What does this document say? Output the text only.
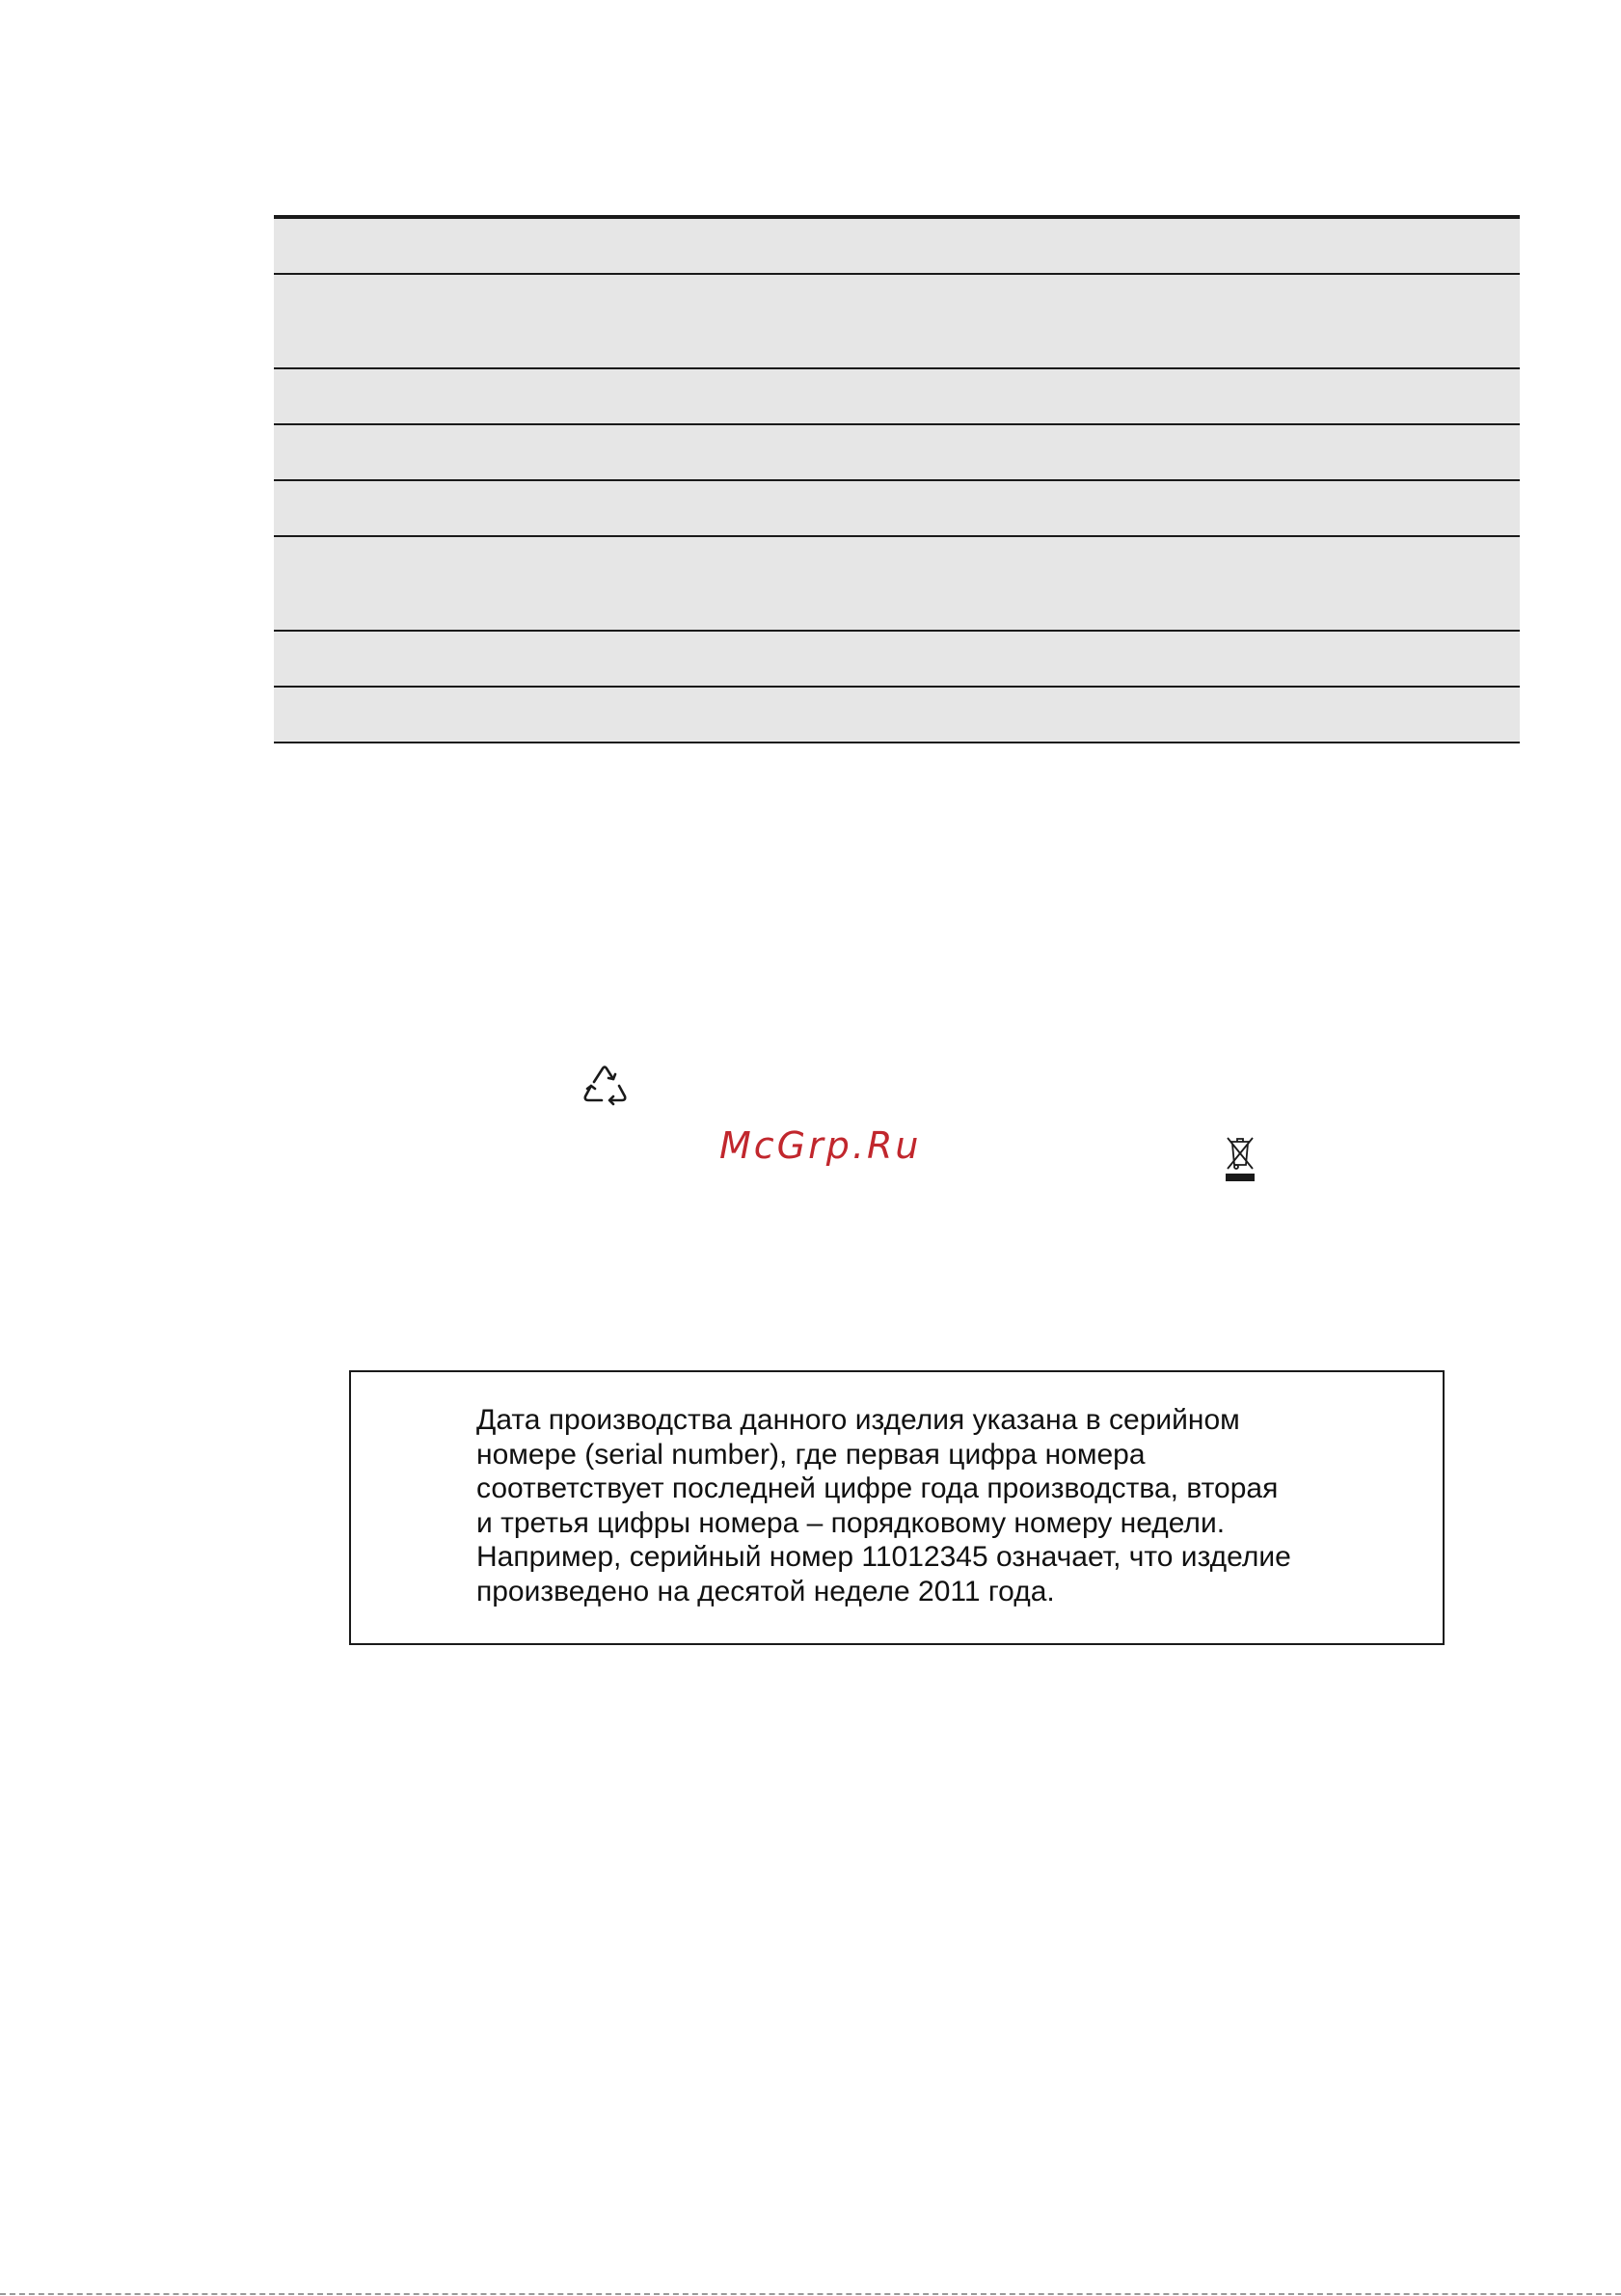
McGrp.Ru

Дата производства данного изделия указана в серийном
номере (serial number), где первая цифра номера
соответствует последней цифре года производства, вторая
и третья цифры номера – порядковому номеру недели.
Например, серийный номер 11012345 означает, что изделие
произведено на десятой неделе 2011 года.
